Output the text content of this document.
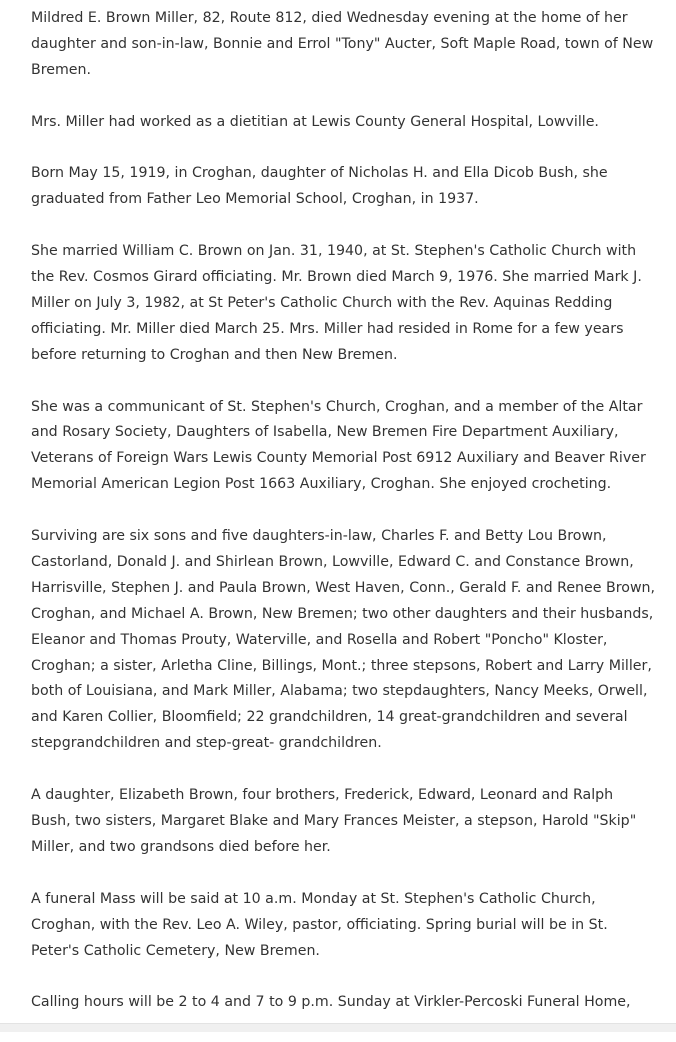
Mildred E. Brown Miller, 82, Route 812, died Wednesday evening at the home of her daughter and son-in-law, Bonnie and Errol "Tony" Aucter, Soft Maple Road, town of New Bremen.

Mrs. Miller had worked as a dietitian at Lewis County General Hospital, Lowville.

Born May 15, 1919, in Croghan, daughter of Nicholas H. and Ella Dicob Bush, she graduated from Father Leo Memorial School, Croghan, in 1937.

She married William C. Brown on Jan. 31, 1940, at St. Stephen's Catholic Church with the Rev. Cosmos Girard officiating. Mr. Brown died March 9, 1976. She married Mark J. Miller on July 3, 1982, at St Peter's Catholic Church with the Rev. Aquinas Redding officiating. Mr. Miller died March 25. Mrs. Miller had resided in Rome for a few years before returning to Croghan and then New Bremen.

She was a communicant of St. Stephen's Church, Croghan, and a member of the Altar and Rosary Society, Daughters of Isabella, New Bremen Fire Department Auxiliary, Veterans of Foreign Wars Lewis County Memorial Post 6912 Auxiliary and Beaver River Memorial American Legion Post 1663 Auxiliary, Croghan. She enjoyed crocheting.

Surviving are six sons and five daughters-in-law, Charles F. and Betty Lou Brown, Castorland, Donald J. and Shirlean Brown, Lowville, Edward C. and Constance Brown, Harrisville, Stephen J. and Paula Brown, West Haven, Conn., Gerald F. and Renee Brown, Croghan, and Michael A. Brown, New Bremen; two other daughters and their husbands, Eleanor and Thomas Prouty, Waterville, and Rosella and Robert "Poncho" Kloster, Croghan; a sister, Arletha Cline, Billings, Mont.; three stepsons, Robert and Larry Miller, both of Louisiana, and Mark Miller, Alabama; two stepdaughters, Nancy Meeks, Orwell, and Karen Collier, Bloomfield; 22 grandchildren, 14 great-grandchildren and several stepgrandchildren and step-great- grandchildren.

A daughter, Elizabeth Brown, four brothers, Frederick, Edward, Leonard and Ralph Bush, two sisters, Margaret Blake and Mary Frances Meister, a stepson, Harold "Skip" Miller, and two grandsons died before her.

A funeral Mass will be said at 10 a.m. Monday at St. Stephen's Catholic Church, Croghan, with the Rev. Leo A. Wiley, pastor, officiating. Spring burial will be in St. Peter's Catholic Cemetery, New Bremen.

Calling hours will be 2 to 4 and 7 to 9 p.m. Sunday at Virkler-Percoski Funeral Home,
